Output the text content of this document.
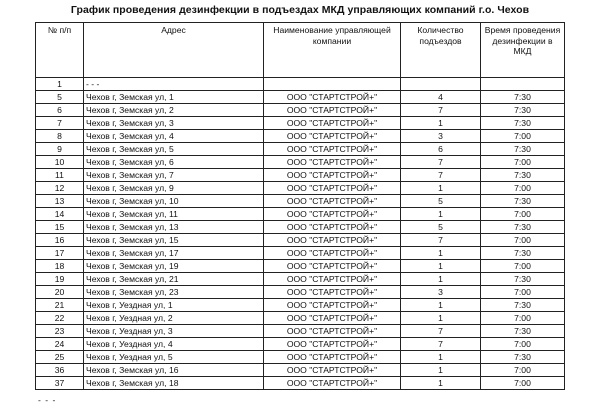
График проведения дезинфекции в подъездах МКД управляющих компаний г.о. Чехов
№ п/п	Адрес	Наименование управляющей компании	Количество подъездов	Время проведения дезинфекции в МКД
1	- - -			
5	Чехов г, Земская ул, 1	ООО "СТАРТСТРОЙ+"	4	7:30
6	Чехов г, Земская ул, 2	ООО "СТАРТСТРОЙ+"	7	7:30
7	Чехов г, Земская ул, 3	ООО "СТАРТСТРОЙ+"	1	7:30
8	Чехов г, Земская ул, 4	ООО "СТАРТСТРОЙ+"	3	7:00
9	Чехов г, Земская ул, 5	ООО "СТАРТСТРОЙ+"	6	7:30
10	Чехов г, Земская ул, 6	ООО "СТАРТСТРОЙ+"	7	7:00
11	Чехов г, Земская ул, 7	ООО "СТАРТСТРОЙ+"	7	7:30
12	Чехов г, Земская ул, 9	ООО "СТАРТСТРОЙ+"	1	7:00
13	Чехов г, Земская ул, 10	ООО "СТАРТСТРОЙ+"	5	7:30
14	Чехов г, Земская ул, 11	ООО "СТАРТСТРОЙ+"	1	7:00
15	Чехов г, Земская ул, 13	ООО "СТАРТСТРОЙ+"	5	7:30
16	Чехов г, Земская ул, 15	ООО "СТАРТСТРОЙ+"	7	7:00
17	Чехов г, Земская ул, 17	ООО "СТАРТСТРОЙ+"	1	7:30
18	Чехов г, Земская ул, 19	ООО "СТАРТСТРОЙ+"	1	7:00
19	Чехов г, Земская ул, 21	ООО "СТАРТСТРОЙ+"	1	7:30
20	Чехов г, Земская ул, 23	ООО "СТАРТСТРОЙ+"	3	7:00
21	Чехов г, Уездная ул, 1	ООО "СТАРТСТРОЙ+"	1	7:30
22	Чехов г, Уездная ул, 2	ООО "СТАРТСТРОЙ+"	1	7:00
23	Чехов г, Уездная ул, 3	ООО "СТАРТСТРОЙ+"	7	7:30
24	Чехов г, Уездная ул, 4	ООО "СТАРТСТРОЙ+"	7	7:00
25	Чехов г, Уездная ул, 5	ООО "СТАРТСТРОЙ+"	1	7:30
36	Чехов г, Земская ул, 16	ООО "СТАРТСТРОЙ+"	1	7:00
37	Чехов г, Земская ул, 18	ООО "СТАРТСТРОЙ+"	1	7:00
- - -
